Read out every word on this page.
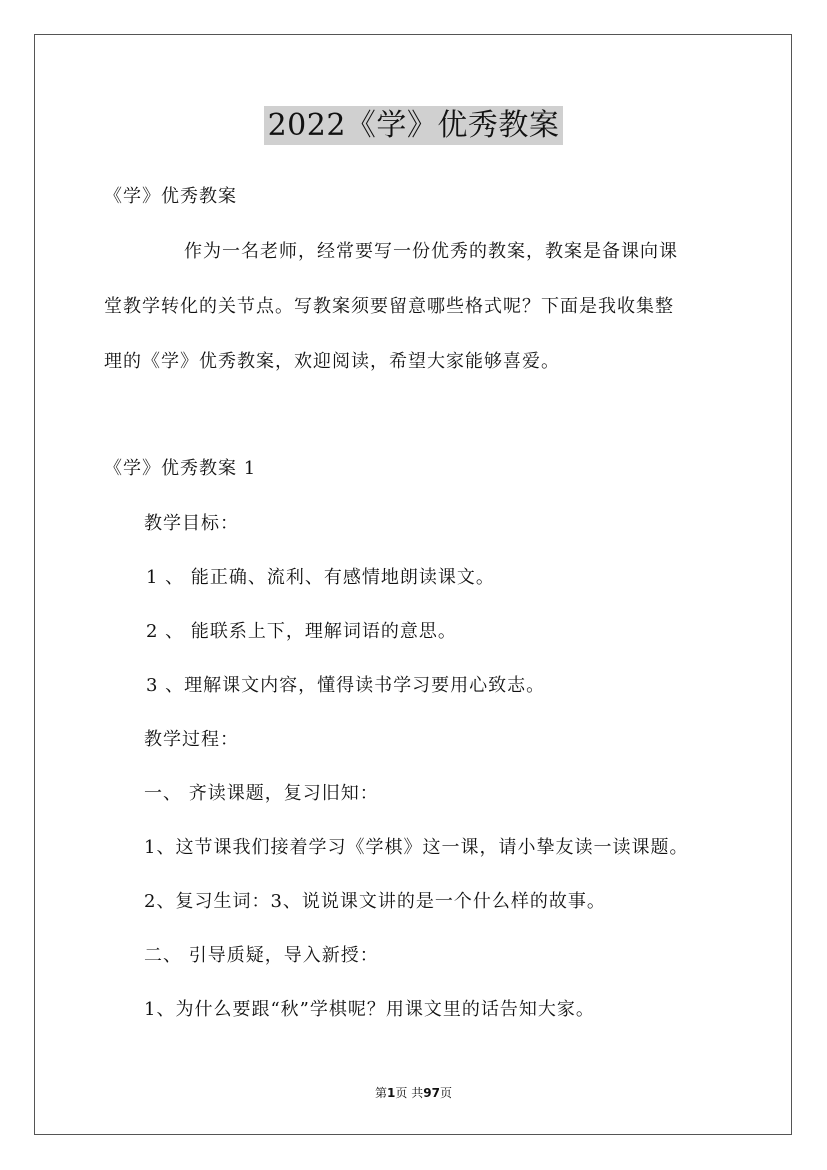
2022《学》优秀教案
《学》优秀教案
作为一名老师，经常要写一份优秀的教案，教案是备课向课
堂教学转化的关节点。写教案须要留意哪些格式呢？下面是我收集整
理的《学》优秀教案，欢迎阅读，希望大家能够喜爱。
《学》优秀教案 1
教学目标：
1 、 能正确、流利、有感情地朗读课文。
2 、 能联系上下，理解词语的意思。
3 、理解课文内容，懂得读书学习要用心致志。
教学过程：
一、 齐读课题，复习旧知：
1、这节课我们接着学习《学棋》这一课，请小挚友读一读课题。
2、复习生词：3、说说课文讲的是一个什么样的故事。
二、 引导质疑，导入新授：
1、为什么要跟“秋”学棋呢？用课文里的话告知大家。
第1页 共97页
